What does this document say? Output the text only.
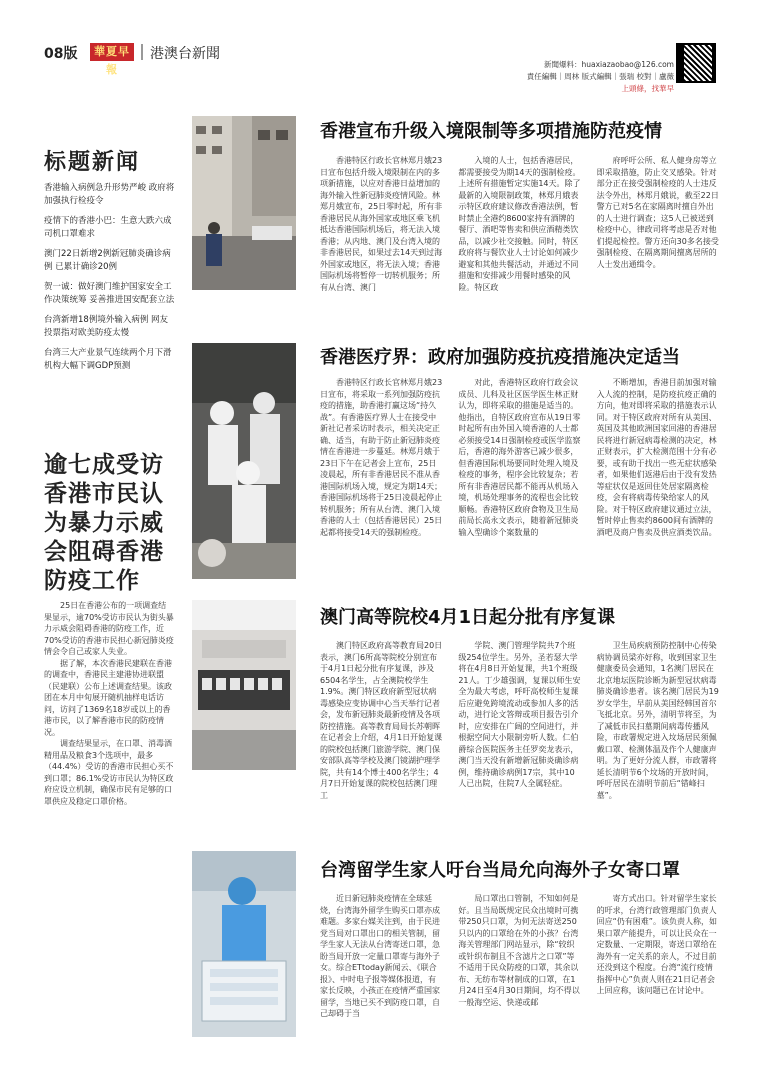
08版	華夏早報
港澳台新聞
新聞爆料：huaxiazaobao@126.com
責任編輯｜周林 版式編輯｜張瑞 校對｜盧薇
上頭條，找華早
标题新闻
香港输入病例急升形势严峻 政府将加强执行检疫令
疫情下的香港小巴：生意大跌六成 司机口罩难求
澳门22日新增2例新冠肺炎确诊病例 已累计确诊20例
贺一诚：做好澳门维护国家安全工作决策统筹 妥善推进国安配套立法
台湾新增18例境外输入病例 网友投票指对欧美防疫太慢
台湾三大产业景气连续两个月下滑 机构大幅下调GDP预测
逾七成受访香港市民认为暴力示威会阻碍香港防疫工作

25日在香港公布的一项调查结果显示，逾70%受访市民认为街头暴力示威会阻碍香港的防疫工作，近70%受访的香港市民担心新冠肺炎疫情会令自己或家人失业。

据了解，本次香港民建联在香港的调查中，香港民主建港协进联盟（民建联）公布上述调查结果。该政团在本月中旬展开随机抽样电话访问，访问了1369名18岁或以上的香港市民，以了解香港市民的防疫情况。

调查结果显示，在口罩、消毒酒精用品及粮食3个选项中，最多（44.4%）受访的香港市民担心买不到口罩；86.1%受访市民认为特区政府应设立机制，确保市民有足够的口罩供应及稳定口罩价格。

香港宣布升级入境限制等多项措施防范疫情

香港特区行政长官林郑月娥23日宣布包括升级入境限制在内的多项新措施，以应对香港日益增加的海外输入性新冠肺炎疫情风险。林郑月娥宣布，25日零时起，所有非香港居民从海外国家或地区乘飞机抵达香港国际机场后，将无法入境香港；从内地、澳门及台湾入境的非香港居民，如果过去14天到过海外国家或地区，将无法入境；香港国际机场将暂停一切转机服务；所有从台湾、澳门

入境的人士，包括香港居民，都需要接受为期14天的强制检疫。上述所有措施暂定实施14天。除了最新的入境限制政策，林郑月娥表示特区政府建议修改香港法例，暂时禁止全港约8600家持有酒牌的餐厅、酒吧等售卖和供应酒精类饮品，以减少社交接触。同时，特区政府将与餐饮业人士讨论如何减少避宴和其他共餐活动，并通过不同措施和安排减少用餐时感染的风险。特区政

府呼吁公所、私人健身房等立即采取措施，防止交叉感染。针对部分正在接受强制检疫的人士违反法令外出，林郑月娥说，截至22日警方已对5名在家隔离时擅自外出的人士进行调查；这5人已被送到检疫中心，律政司将考虑是否对他们提起检控。警方还向30多名接受强制检疫、在隔离期间擅离居所的人士发出通缉令。

香港医疗界：政府加强防疫抗疫措施决定适当

香港特区行政长官林郑月娥23日宣布，将采取一系列加强防疫抗疫的措施，助香港打赢这场“持久战”。有香港医疗界人士在接受中新社记者采访时表示，相关决定正确、适当，有助于防止新冠肺炎疫情在香港进一步蔓延。林郑月娥于23日下午在记者会上宣布，25日凌晨起，所有非香港居民不准从香港国际机场入境，规定为期14天；香港国际机场将于25日凌晨起停止转机服务；所有从台湾、澳门入境香港的人士（包括香港居民）25日起都将接受14天的强制检疫。

对此，香港特区政府行政会议成员、儿科及社区医学医生林正财认为，即将采取的措施是适当的。他指出，自特区政府宣布从19日零时起所有由外国入境香港的人士都必须接受14日强制检疫或医学监察后，香港的海外游客已减少很多，但香港国际机场要同时处理入境及检疫的事务，程序会比较复杂；若所有非香港居民都不能再从机场入境，机场处理事务的流程也会比较顺畅。香港特区政府食物及卫生局前局长高永文表示，随着新冠肺炎输入型确诊个案数量的

不断增加，香港目前加强对输入人流的控制，是防疫抗疫正确的方向，他对即将采取的措施表示认同。对于特区政府对所有从美国、英国及其他欧洲国家回港的香港居民将进行新冠病毒检测的决定，林正财表示，扩大检测范围十分有必要，或有助于找出一些无症状感染者，如果他们返港后由于没有发热等症状仅是返回住处居家隔离检疫，会有将病毒传染给家人的风险。对于特区政府建议通过立法，暂时停止售卖约8600间有酒牌的酒吧及商户售卖及供应酒类饮品。

澳门高等院校4月1日起分批有序复课

澳门特区政府高等教育局20日表示，澳门6所高等院校分别宣布于4月1日起分批有序复课，涉及6504名学生，占全澳院校学生1.9%。澳门特区政府新型冠状病毒感染应变协调中心当天举行记者会，发布新冠肺炎最新疫情及各项防控措施。高等教育局局长苏朝晖在记者会上介绍，4月1日开始复课的院校包括澳门旅游学院、澳门保安部队高等学校及澳门镜湖护理学院，共有14个博士400名学生；4月7日开始复课的院校包括澳门理工

学院、澳门管理学院共7个班级254位学生。另外，圣若瑟大学将在4月8日开始复课，共1个班级21人。丁少雄强调，复课以师生安全为最大考虑，呼吁高校师生复课后应避免跨境流动或参加人多的活动，进行论文答辩或项目报告引介时，应安排在广阔的空间进行，并根据空间大小限制旁听人数。仁伯爵综合医院医务主任罗奕龙表示，澳门当天没有新增新冠肺炎确诊病例，维持确诊病例17宗，其中10人已出院，住院7人全属轻症。

卫生局疾病预防控制中心传染病协调员梁亦好称，收到国家卫生健康委员会通知，1名澳门居民在北京地坛医院诊断为新型冠状病毒肺炎确诊患者。该名澳门居民为19岁女学生，早前从美国经韩国首尔飞抵北京。另外，清明节将至，为了减低市民扫墓期间病毒传播风险，市政署规定进入坟场居民须佩戴口罩、检测体温及作个人健康声明。为了更好分流人群，市政署将延长清明节6个坟场的开放时间，呼吁居民在清明节前后“错峰扫墓”。

台湾留学生家人吁台当局允向海外子女寄口罩

近日新冠肺炎疫情在全球延烧，台湾海外留学生购买口罩亦成难题。多家台媒关注到，由于民进党当局对口罩出口的相关管制，留学生家人无法从台湾寄送口罩，急盼当局开放一定量口罩寄与海外子女。综合ETtoday新闻云、《联合报》、中时电子报等媒体报道，有家长反映，小孩正在疫情严重国家留学，当地已买不到防疫口罩，自己却碍于当

局口罩出口管制，不知如何是好。且当局既规定民众出境时可携带250只口罩，为何无法寄送250只以内的口罩给在外的小孩？台湾海关管理部门网站显示，除“较织或针织布制且不含滤片之口罩”等不适用于民众防疫的口罩，其余以布、无纺布等材制成的口罩，在1月24日至4月30日期间，均不得以一般海空运、快递或邮

寄方式出口。针对留学生家长的吁求，台湾行政管理部门负责人回应“仍有困难”。该负责人称，如果口罩产能提升，可以让民众在一定数量、一定期限，寄送口罩给在海外有一定关系的亲人，不过目前还没到这个程度。台湾“流行疫情指挥中心”负责人则在21日记者会上回应称，该问题已在讨论中。
